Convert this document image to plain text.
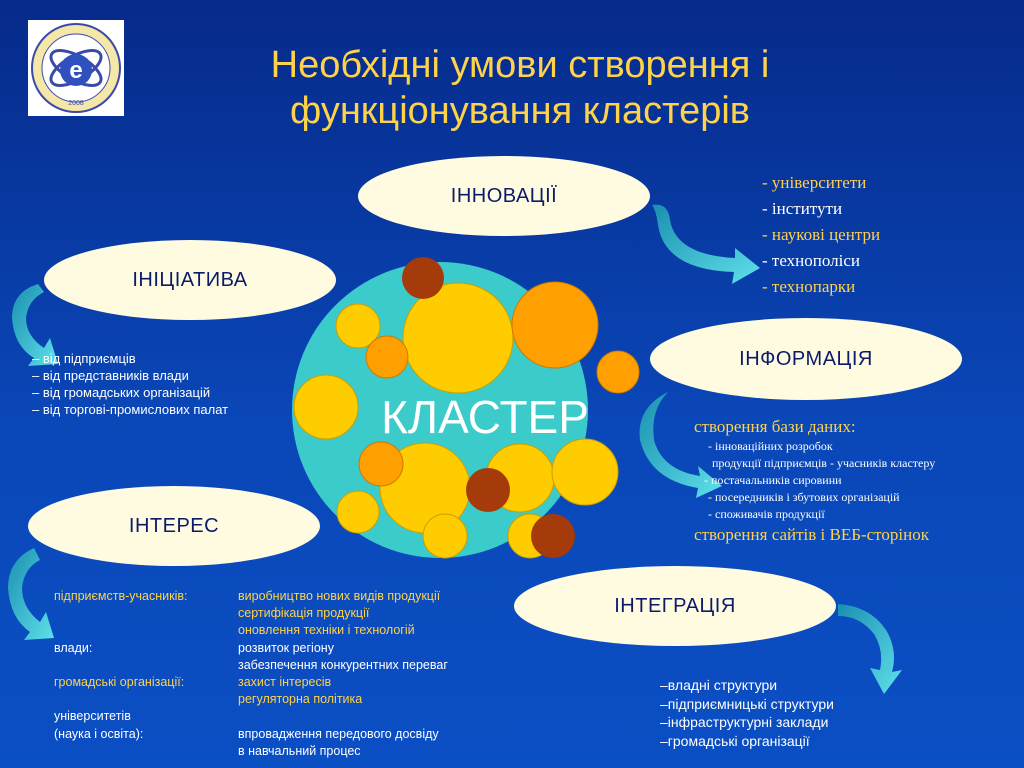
Необхідні умови створення і
функціонування кластерів
e
2008
ІННОВАЦІЇ
ІНІЦІАТИВА
ІНФОРМАЦІЯ
ІНТЕРЕС
ІНТЕГРАЦІЯ
КЛАСТЕР
- університети
- інститути
- наукові центри
- технополіси
- технопарки
– від підприємців
– від представників влади
– від громадських організацій
– від торгові-промислових палат
створення бази даних:
- інноваційних розробок
продукції підприємців - учасників кластеру
- постачальників сировини
- посередників і збутових організацій
- споживачів продукції
створення сайтів і ВЕБ-сторінок
підприємств-учасників:	виробництво нових видів продукції
сертифікація продукції
оновлення техніки і технологій
влади:	розвиток регіону
забезпечення конкурентних переваг
громадські організації:	захист інтересів
регуляторна політика
університетів
(наука і освіта):	впровадження передового досвіду
в навчальний процес
–владні структури
–підприємницькі структури
–інфраструктурні заклади
–громадські організації
